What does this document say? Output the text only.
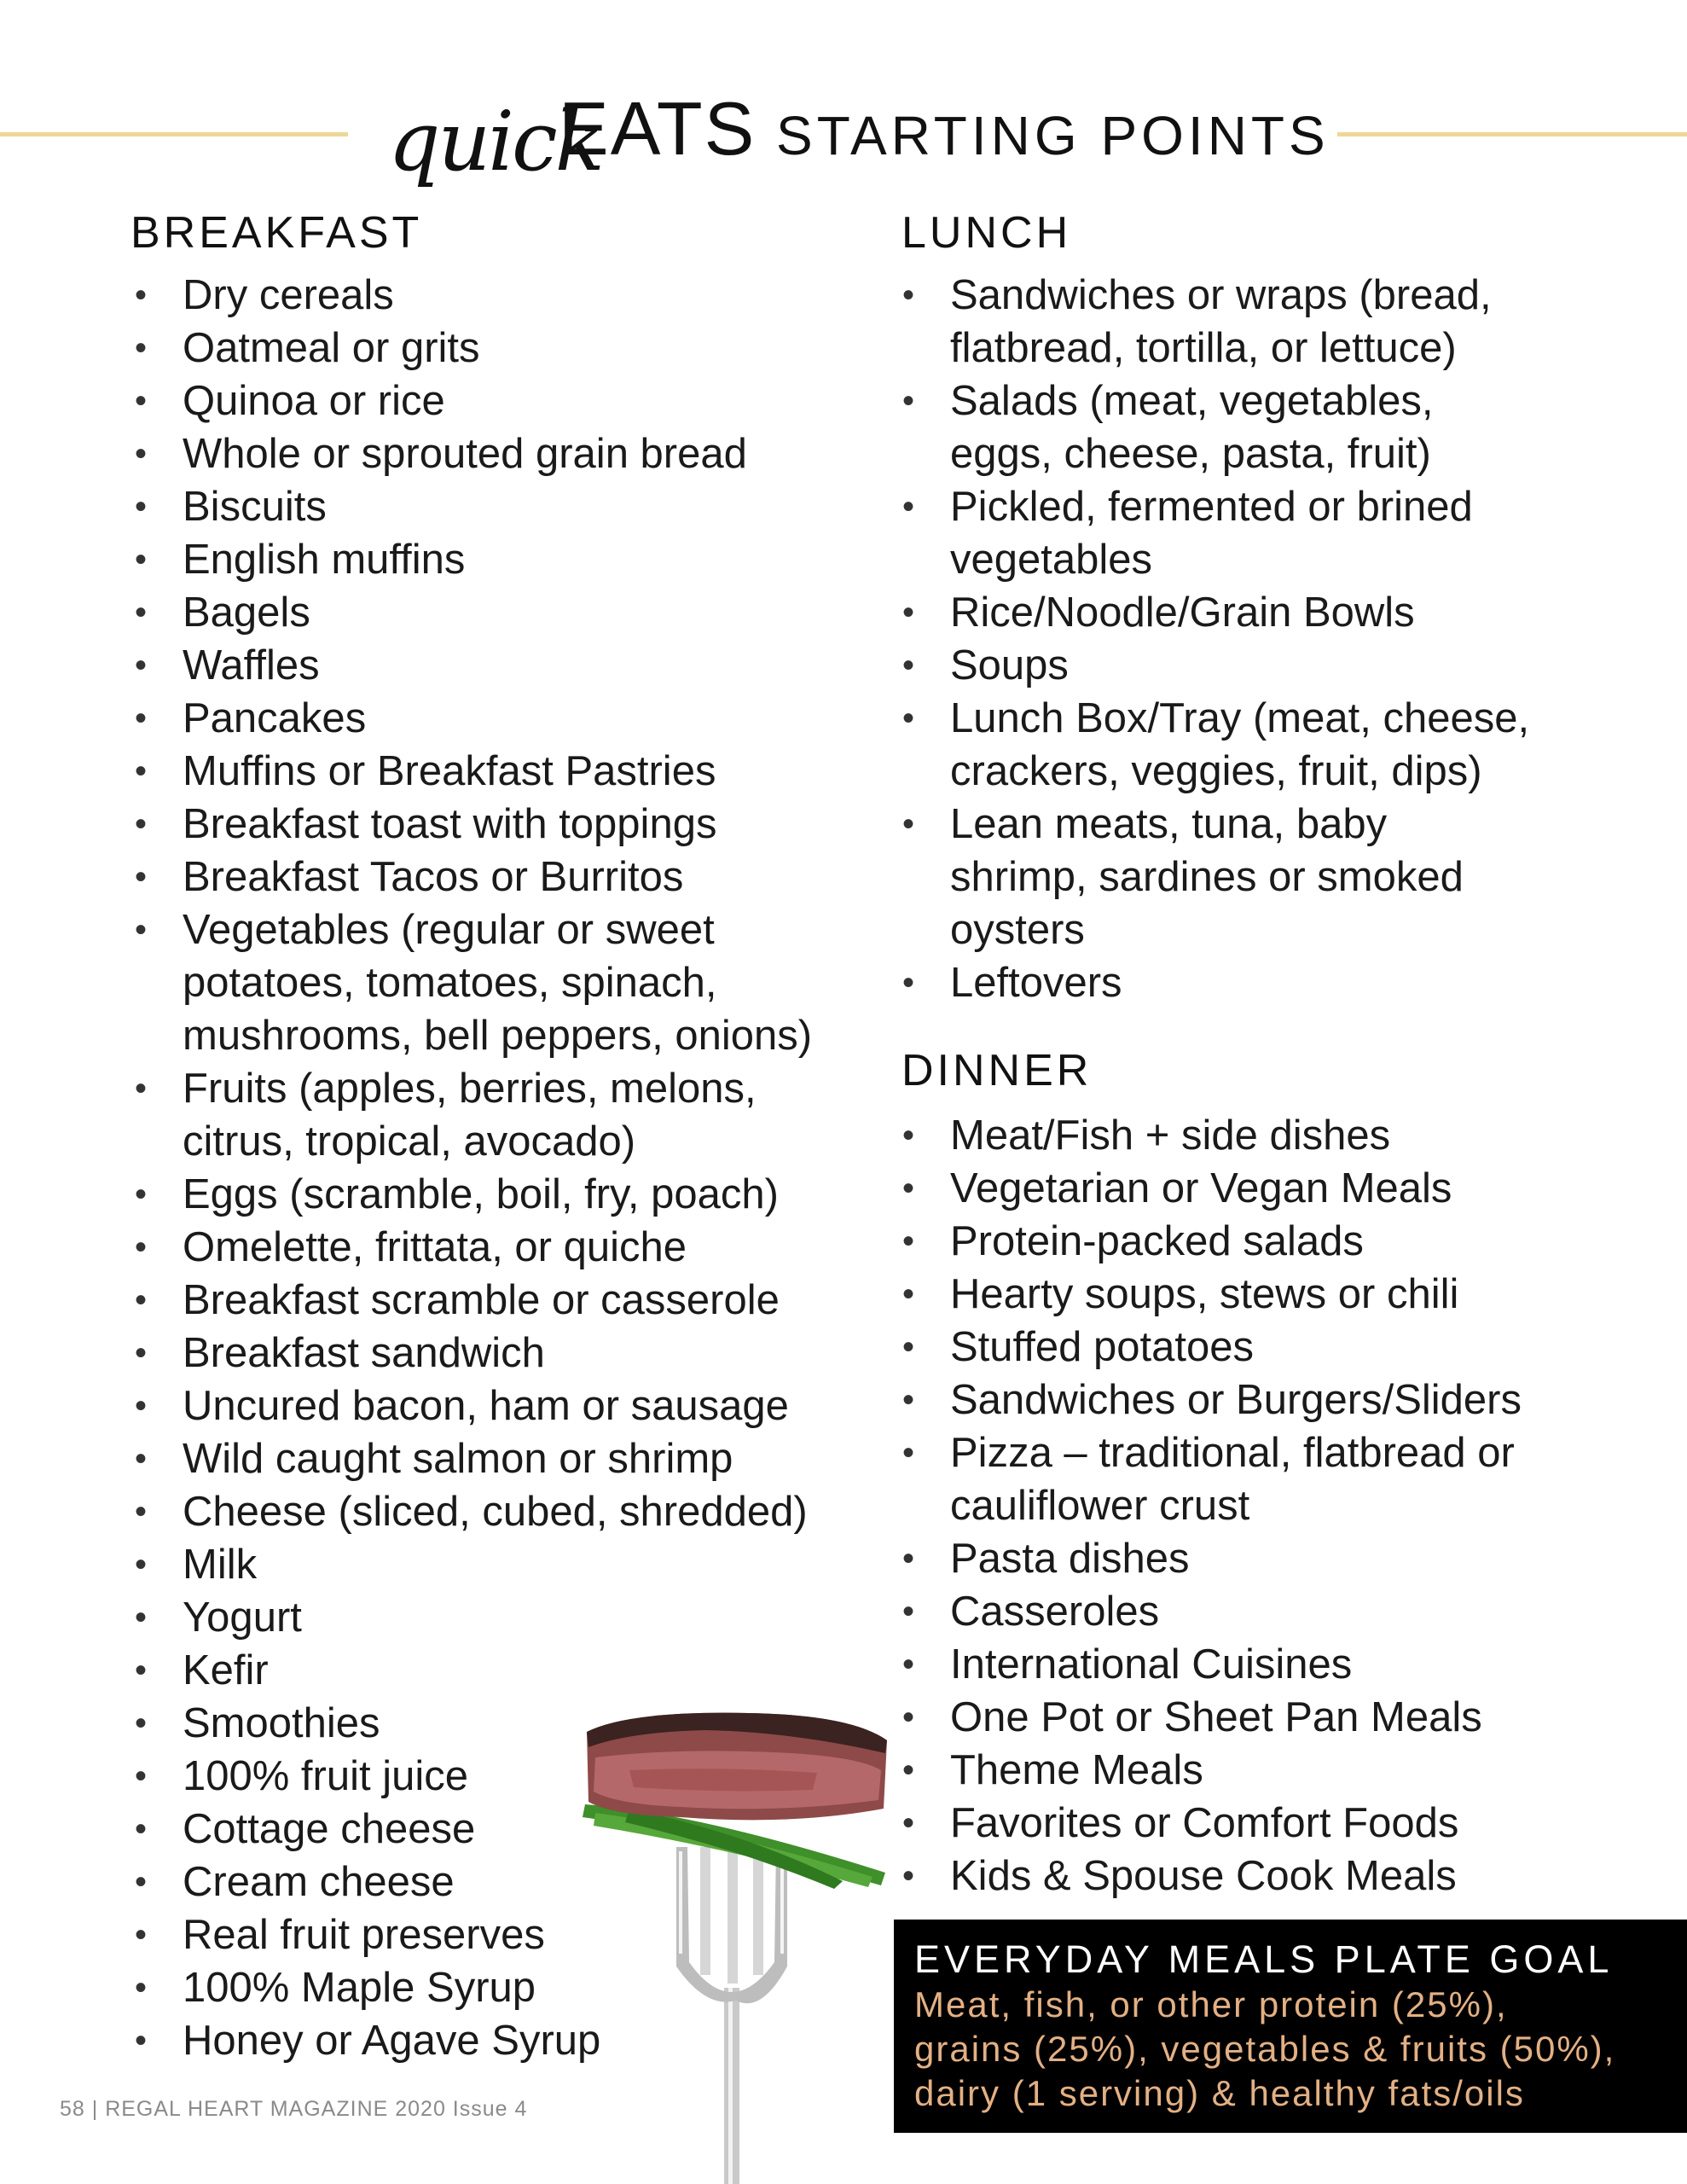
quick
EATS STARTING POINTS
BREAKFAST
• Dry cereals
• Oatmeal or grits
• Quinoa or rice
• Whole or sprouted grain bread
• Biscuits
• English muffins
• Bagels
• Waffles
• Pancakes
• Muffins or Breakfast Pastries
• Breakfast toast with toppings
• Breakfast Tacos or Burritos
• Vegetables (regular or sweet
potatoes, tomatoes, spinach,
mushrooms, bell peppers, onions)
• Fruits (apples, berries, melons,
citrus, tropical, avocado)
• Eggs (scramble, boil, fry, poach)
• Omelette, frittata, or quiche
• Breakfast scramble or casserole
• Breakfast sandwich
• Uncured bacon, ham or sausage
• Wild caught salmon or shrimp
• Cheese (sliced, cubed, shredded)
• Milk
• Yogurt
• Kefir
• Smoothies
• 100% fruit juice
• Cottage cheese
• Cream cheese
• Real fruit preserves
• 100% Maple Syrup
• Honey or Agave Syrup
LUNCH
• Sandwiches or wraps (bread,
flatbread, tortilla, or lettuce)
• Salads (meat, vegetables,
eggs, cheese, pasta, fruit)
• Pickled, fermented or brined
vegetables
• Rice/Noodle/Grain Bowls
• Soups
• Lunch Box/Tray (meat, cheese,
crackers, veggies, fruit, dips)
• Lean meats, tuna, baby
shrimp, sardines or smoked
oysters
• Leftovers
DINNER
• Meat/Fish + side dishes
• Vegetarian or Vegan Meals
• Protein-packed salads
• Hearty soups, stews or chili
• Stuffed potatoes
• Sandwiches or Burgers/Sliders
• Pizza – traditional, flatbread or
cauliflower crust
• Pasta dishes
• Casseroles
• International Cuisines
• One Pot or Sheet Pan Meals
• Theme Meals
• Favorites or Comfort Foods
• Kids & Spouse Cook Meals

EVERYDAY MEALS PLATE GOAL

Meat, fish, or other protein (25%),

grains (25%), vegetables & fruits (50%),

dairy (1 serving) & healthy fats/oils

58 | REGAL HEART MAGAZINE 2020 Issue 4
